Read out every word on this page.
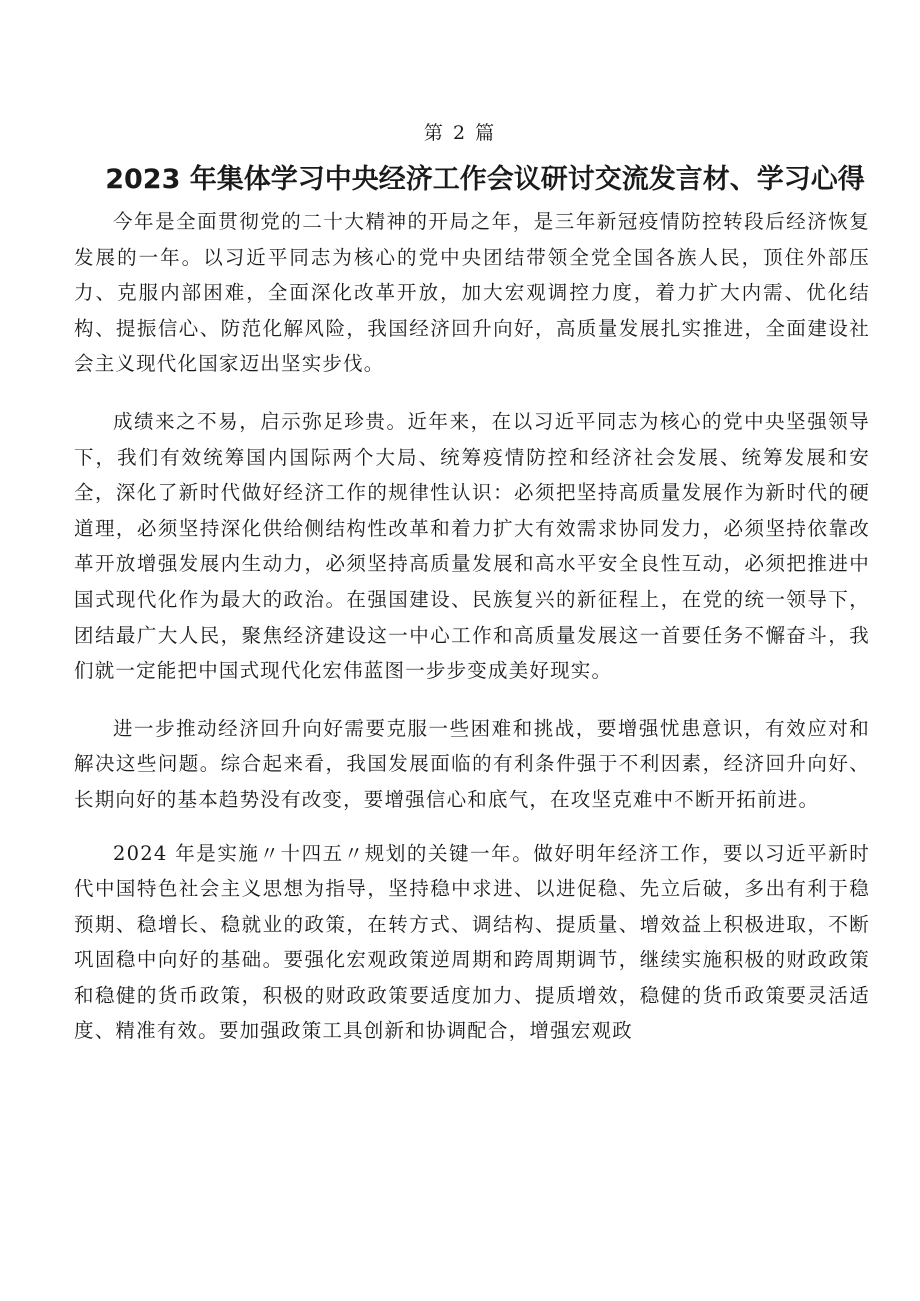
第 2 篇
2023 年集体学习中央经济工作会议研讨交流发言材、学习心得

今年是全面贯彻党的二十大精神的开局之年，是三年新冠疫情防控转段后经济恢复发展的一年。以习近平同志为核心的党中央团结带领全党全国各族人民，顶住外部压力、克服内部困难，全面深化改革开放，加大宏观调控力度，着力扩大内需、优化结构、提振信心、防范化解风险，我国经济回升向好，高质量发展扎实推进，全面建设社会主义现代化国家迈出坚实步伐。

成绩来之不易，启示弥足珍贵。近年来，在以习近平同志为核心的党中央坚强领导下，我们有效统筹国内国际两个大局、统筹疫情防控和经济社会发展、统筹发展和安全，深化了新时代做好经济工作的规律性认识：必须把坚持高质量发展作为新时代的硬道理，必须坚持深化供给侧结构性改革和着力扩大有效需求协同发力，必须坚持依靠改革开放增强发展内生动力，必须坚持高质量发展和高水平安全良性互动，必须把推进中国式现代化作为最大的政治。在强国建设、民族复兴的新征程上，在党的统一领导下，团结最广大人民，聚焦经济建设这一中心工作和高质量发展这一首要任务不懈奋斗，我们就一定能把中国式现代化宏伟蓝图一步步变成美好现实。

进一步推动经济回升向好需要克服一些困难和挑战，要增强忧患意识，有效应对和解决这些问题。综合起来看，我国发展面临的有利条件强于不利因素，经济回升向好、长期向好的基本趋势没有改变，要增强信心和底气，在攻坚克难中不断开拓前进。

2024 年是实施〃十四五〃规划的关键一年。做好明年经济工作，要以习近平新时代中国特色社会主义思想为指导，坚持稳中求进、以进促稳、先立后破，多出有利于稳预期、稳增长、稳就业的政策，在转方式、调结构、提质量、增效益上积极进取，不断巩固稳中向好的基础。要强化宏观政策逆周期和跨周期调节，继续实施积极的财政政策和稳健的货币政策，积极的财政政策要适度加力、提质增效，稳健的货币政策要灵活适度、精准有效。要加强政策工具创新和协调配合，增强宏观政
